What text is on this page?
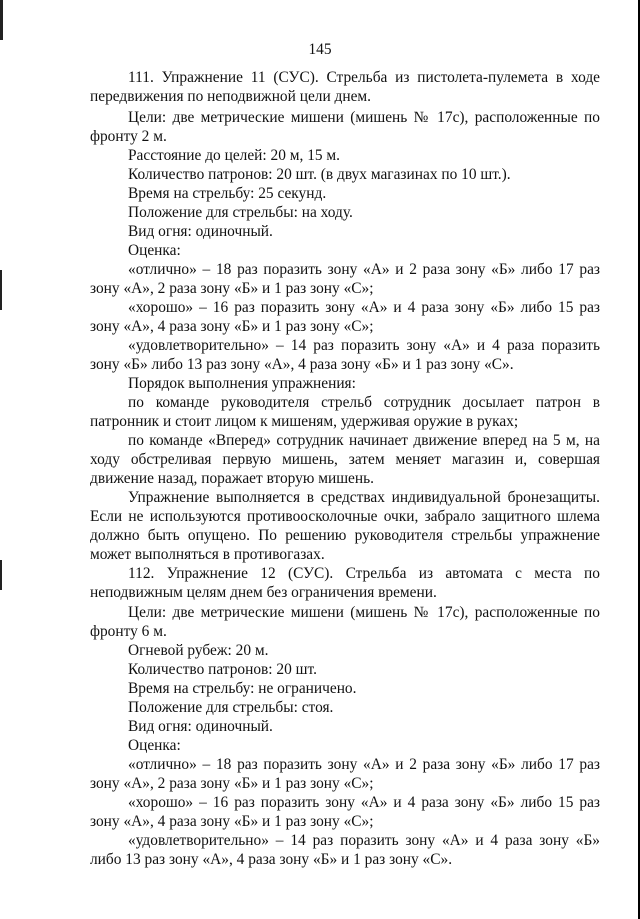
145

111. Упражнение 11 (СУС). Стрельба из пистолета-пулемета в ходе передвижения по неподвижной цели днем.

Цели: две метрические мишени (мишень № 17с), расположенные по фронту 2 м.

Расстояние до целей: 20 м, 15 м.

Количество патронов: 20 шт. (в двух магазинах по 10 шт.).

Время на стрельбу: 25 секунд.

Положение для стрельбы: на ходу.

Вид огня: одиночный.

Оценка:

«отлично» – 18 раз поразить зону «А» и 2 раза зону «Б» либо 17 раз зону «А», 2 раза зону «Б» и 1 раз зону «С»;

«хорошо» – 16 раз поразить зону «А» и 4 раза зону «Б» либо 15 раз зону «А», 4 раза зону «Б» и 1 раз зону «С»;

«удовлетворительно» – 14 раз поразить зону «А» и 4 раза поразить зону «Б» либо 13 раз зону «А», 4 раза зону «Б» и 1 раз зону «С».

Порядок выполнения упражнения:

по команде руководителя стрельб сотрудник досылает патрон в патронник и стоит лицом к мишеням, удерживая оружие в руках;

по команде «Вперед» сотрудник начинает движение вперед на 5 м, на ходу обстреливая первую мишень, затем меняет магазин и, совершая движение назад, поражает вторую мишень.

Упражнение выполняется в средствах индивидуальной бронезащиты. Если не используются противоосколочные очки, забрало защитного шлема должно быть опущено. По решению руководителя стрельбы упражнение может выполняться в противогазах.

112. Упражнение 12 (СУС). Стрельба из автомата с места по неподвижным целям днем без ограничения времени.

Цели: две метрические мишени (мишень № 17с), расположенные по фронту 6 м.

Огневой рубеж: 20 м.

Количество патронов: 20 шт.

Время на стрельбу: не ограничено.

Положение для стрельбы: стоя.

Вид огня: одиночный.

Оценка:

«отлично» – 18 раз поразить зону «А» и 2 раза зону «Б» либо 17 раз зону «А», 2 раза зону «Б» и 1 раз зону «С»;

«хорошо» – 16 раз поразить зону «А» и 4 раза зону «Б» либо 15 раз зону «А», 4 раза зону «Б» и 1 раз зону «С»;

«удовлетворительно» – 14 раз поразить зону «А» и 4 раза зону «Б» либо 13 раз зону «А», 4 раза зону «Б» и 1 раз зону «С».
